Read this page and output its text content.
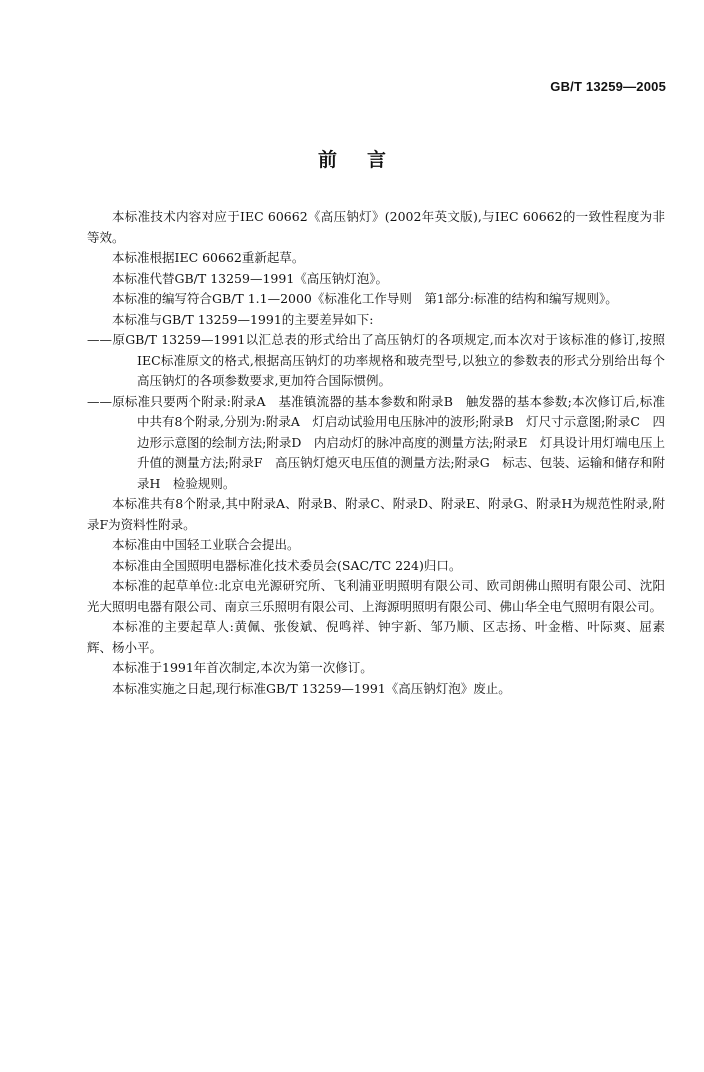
GB/T 13259—2005
前言

本标准技术内容对应于IEC 60662《高压钠灯》(2002年英文版),与IEC 60662的一致性程度为非等效。

本标准根据IEC 60662重新起草。

本标准代替GB/T 13259—1991《高压钠灯泡》。

本标准的编写符合GB/T 1.1—2000《标准化工作导则　第1部分:标准的结构和编写规则》。

本标准与GB/T 13259—1991的主要差异如下:

——原GB/T 13259—1991以汇总表的形式给出了高压钠灯的各项规定,而本次对于该标准的修订,按照IEC标准原文的格式,根据高压钠灯的功率规格和玻壳型号,以独立的参数表的形式分别给出每个高压钠灯的各项参数要求,更加符合国际惯例。

——原标准只要两个附录:附录A　基准镇流器的基本参数和附录B　触发器的基本参数;本次修订后,标准中共有8个附录,分别为:附录A　灯启动试验用电压脉冲的波形;附录B　灯尺寸示意图;附录C　四边形示意图的绘制方法;附录D　内启动灯的脉冲高度的测量方法;附录E　灯具设计用灯端电压上升值的测量方法;附录F　高压钠灯熄灭电压值的测量方法;附录G　标志、包装、运输和储存和附录H　检验规则。

本标准共有8个附录,其中附录A、附录B、附录C、附录D、附录E、附录G、附录H为规范性附录,附录F为资料性附录。

本标准由中国轻工业联合会提出。

本标准由全国照明电器标准化技术委员会(SAC/TC 224)归口。

本标准的起草单位:北京电光源研究所、飞利浦亚明照明有限公司、欧司朗佛山照明有限公司、沈阳光大照明电器有限公司、南京三乐照明有限公司、上海源明照明有限公司、佛山华全电气照明有限公司。

本标准的主要起草人:黄佩、张俊斌、倪鸣祥、钟宇新、邹乃顺、区志扬、叶金楷、叶际爽、屈素辉、杨小平。

本标准于1991年首次制定,本次为第一次修订。

本标准实施之日起,现行标准GB/T 13259—1991《高压钠灯泡》废止。
